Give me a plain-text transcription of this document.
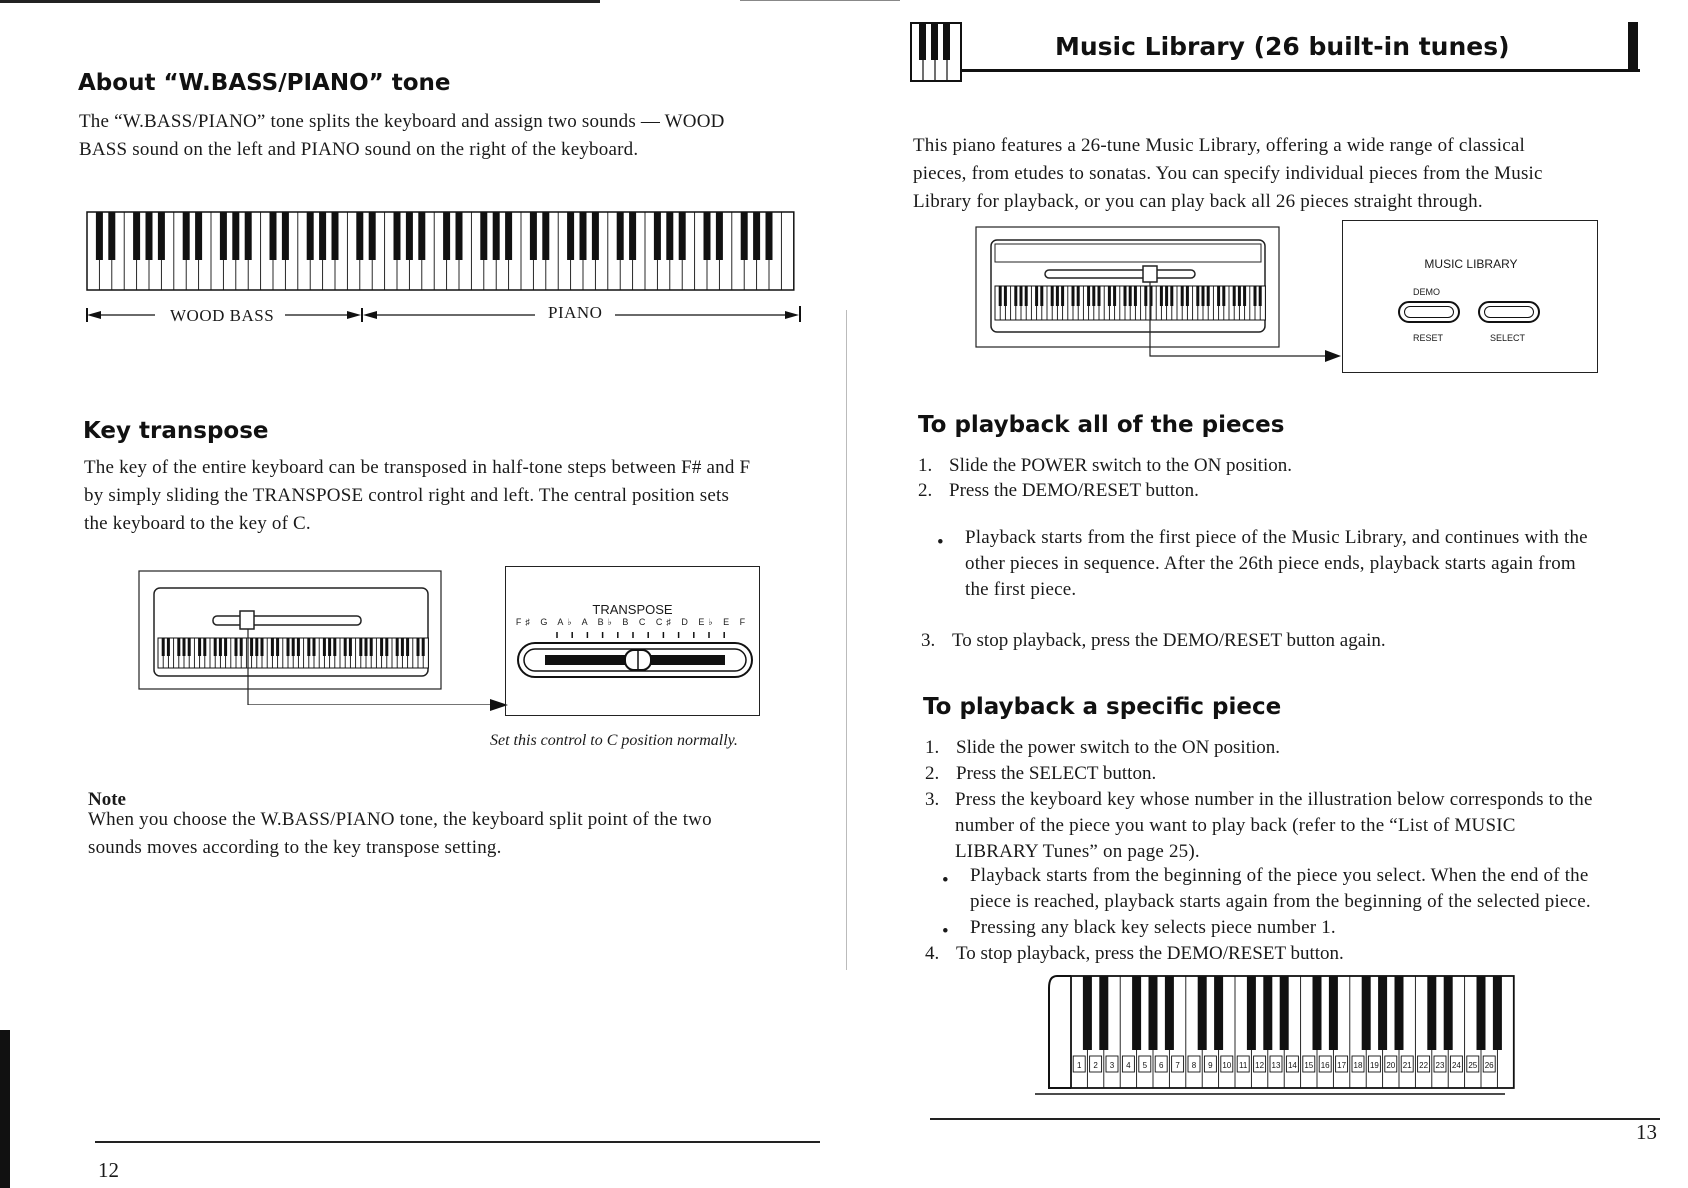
About “W.BASS/PIANO” tone
The “W.BASS/PIANO” tone splits the keyboard and assign two sounds — WOOD
BASS sound on the left and PIANO sound on the right of the keyboard.
WOOD BASS	PIANO
Key transpose
The key of the entire keyboard can be transposed in half-tone steps between F# and F
by simply sliding the TRANSPOSE control right and left. The central position sets
the keyboard to the key of C.
TRANSPOSE
F♯ G A♭ A B♭ B C C♯ D E♭ E F
Set this control to C position normally.
Note
When you choose the W.BASS/PIANO tone, the keyboard split point of the two
sounds moves according to the key transpose setting.
12
Music Library (26 built-in tunes)
This piano features a 26-tune Music Library, offering a wide range of classical
pieces, from etudes to sonatas. You can specify individual pieces from the Music
Library for playback, or you can play back all 26 pieces straight through.
MUSIC LIBRARY
DEMO
RESET	SELECT
To playback all of the pieces
1. Slide the POWER switch to the ON position.
2. Press the DEMO/RESET button.
• Playback starts from the first piece of the Music Library, and continues with the
other pieces in sequence. After the 26th piece ends, playback starts again from
the first piece.
3. To stop playback, press the DEMO/RESET button again.
To playback a specific piece
1. Slide the power switch to the ON position.
2. Press the SELECT button.
3. Press the keyboard key whose number in the illustration below corresponds to the
number of the piece you want to play back (refer to the “List of MUSIC
LIBRARY Tunes” on page 25).
• Playback starts from the beginning of the piece you select. When the end of the
piece is reached, playback starts again from the beginning of the selected piece.
• Pressing any black key selects piece number 1.
4. To stop playback, press the DEMO/RESET button.
1 2 3 4 5 6 7 8 9 10 11 12 13 14 15 16 17 18 19 20 21 22 23 24 25 26
13
